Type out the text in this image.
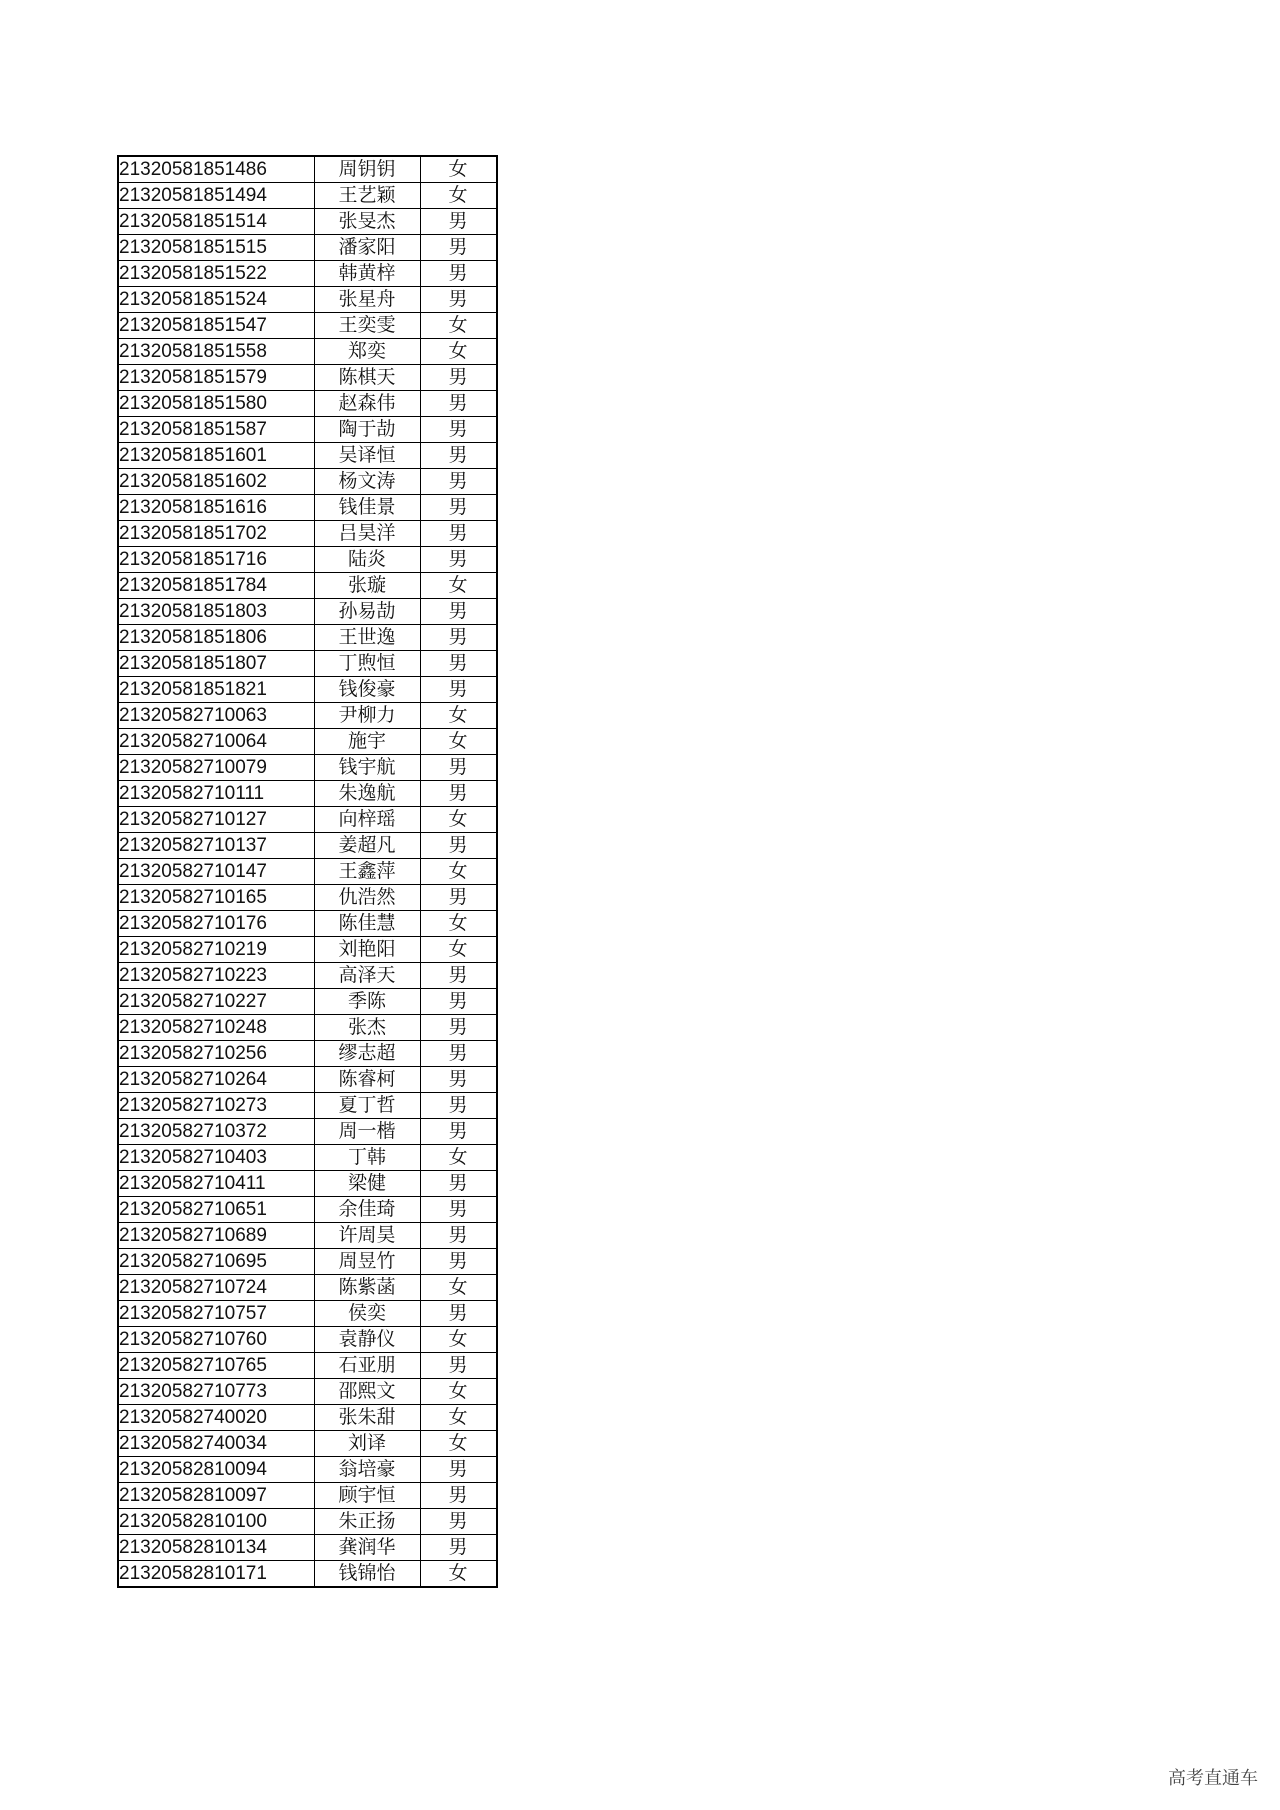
21320581851486	周钥钥	女
21320581851494	王艺颖	女
21320581851514	张旻杰	男
21320581851515	潘家阳	男
21320581851522	韩黄梓	男
21320581851524	张星舟	男
21320581851547	王奕雯	女
21320581851558	郑奕	女
21320581851579	陈棋天	男
21320581851580	赵森伟	男
21320581851587	陶于劼	男
21320581851601	吴译恒	男
21320581851602	杨文涛	男
21320581851616	钱佳景	男
21320581851702	吕昊洋	男
21320581851716	陆炎	男
21320581851784	张璇	女
21320581851803	孙易劼	男
21320581851806	王世逸	男
21320581851807	丁煦恒	男
21320581851821	钱俊豪	男
21320582710063	尹柳力	女
21320582710064	施宇	女
21320582710079	钱宇航	男
21320582710111	朱逸航	男
21320582710127	向梓瑶	女
21320582710137	姜超凡	男
21320582710147	王鑫萍	女
21320582710165	仇浩然	男
21320582710176	陈佳慧	女
21320582710219	刘艳阳	女
21320582710223	高泽天	男
21320582710227	季陈	男
21320582710248	张杰	男
21320582710256	缪志超	男
21320582710264	陈睿柯	男
21320582710273	夏丁哲	男
21320582710372	周一楷	男
21320582710403	丁韩	女
21320582710411	梁健	男
21320582710651	余佳琦	男
21320582710689	许周昊	男
21320582710695	周昱竹	男
21320582710724	陈紫菡	女
21320582710757	侯奕	男
21320582710760	袁静仪	女
21320582710765	石亚朋	男
21320582710773	邵熙文	女
21320582740020	张朱甜	女
21320582740034	刘译	女
21320582810094	翁培豪	男
21320582810097	顾宇恒	男
21320582810100	朱正扬	男
21320582810134	龚润华	男
21320582810171	钱锦怡	女
高考直通车
